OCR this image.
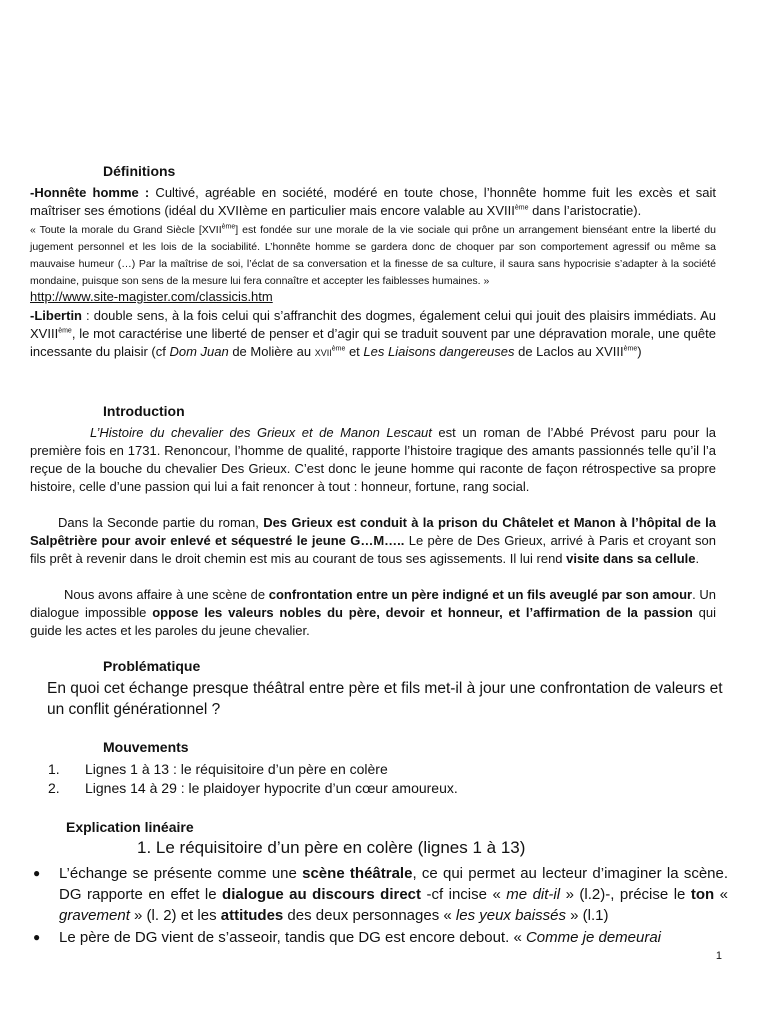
Définitions
-Honnête homme : Cultivé, agréable en société, modéré en toute chose, l’honnête homme fuit les excès et sait maîtriser ses émotions (idéal du XVIIème en particulier mais encore valable au XVIIIème dans l’aristocratie).
« Toute la morale du Grand Siècle [XVIIème] est fondée sur une morale de la vie sociale qui prône un arrangement bienséant entre la liberté du jugement personnel et les lois de la sociabilité. L’honnête homme se gardera donc de choquer par son comportement agressif ou même sa mauvaise humeur (…) Par la maîtrise de soi, l’éclat de sa conversation et la finesse de sa culture, il saura sans hypocrisie s’adapter à la société mondaine, puisque son sens de la mesure lui fera connaître et accepter les faiblesses humaines. »
http://www.site-magister.com/classicis.htm
-Libertin : double sens, à la fois celui qui s’affranchit des dogmes, également celui qui jouit des plaisirs immédiats. Au XVIIIème, le mot caractérise une liberté de penser et d’agir qui se traduit souvent par une dépravation morale, une quête incessante du plaisir (cf Dom Juan de Molière au XVIIème et Les Liaisons dangereuses de Laclos au XVIIIème)
Introduction
L’Histoire du chevalier des Grieux et de Manon Lescaut est un roman de l’Abbé Prévost paru pour la première fois en 1731. Renoncour, l’homme de qualité, rapporte l’histoire tragique des amants passionnés telle qu’il l’a reçue de la bouche du chevalier Des Grieux. C’est donc le jeune homme qui raconte de façon rétrospective sa propre histoire, celle d’une passion qui lui a fait renoncer à tout : honneur, fortune, rang social.
Dans la Seconde partie du roman, Des Grieux est conduit à la prison du Châtelet et Manon à l’hôpital de la Salpêtrière pour avoir enlevé et séquestré le jeune G…M….. Le père de Des Grieux, arrivé à Paris et croyant son fils prêt à revenir dans le droit chemin est mis au courant de tous ses agissements. Il lui rend visite dans sa cellule.
Nous avons affaire à une scène de confrontation entre un père indigné et un fils aveuglé par son amour. Un dialogue impossible oppose les valeurs nobles du père, devoir et honneur, et l’affirmation de la passion qui guide les actes et les paroles du jeune chevalier.
Problématique
En quoi cet échange presque théâtral entre père et fils met-il à jour une confrontation de valeurs et un conflit générationnel ?
Mouvements
1.	Lignes 1 à 13 : le réquisitoire d’un père en colère
2.	Lignes 14 à 29 : le plaidoyer hypocrite d’un cœur amoureux.
Explication linéaire
1. Le réquisitoire d’un père en colère (lignes 1 à 13)
●	L’échange se présente comme une scène théâtrale, ce qui permet au lecteur d’imaginer la scène. DG rapporte en effet le dialogue au discours direct -cf incise « me dit-il » (l.2)-, précise le ton « gravement » (l. 2) et les attitudes des deux personnages « les yeux baissés » (l.1)
●	Le père de DG vient de s’asseoir, tandis que DG est encore debout. « Comme je demeurai
1
